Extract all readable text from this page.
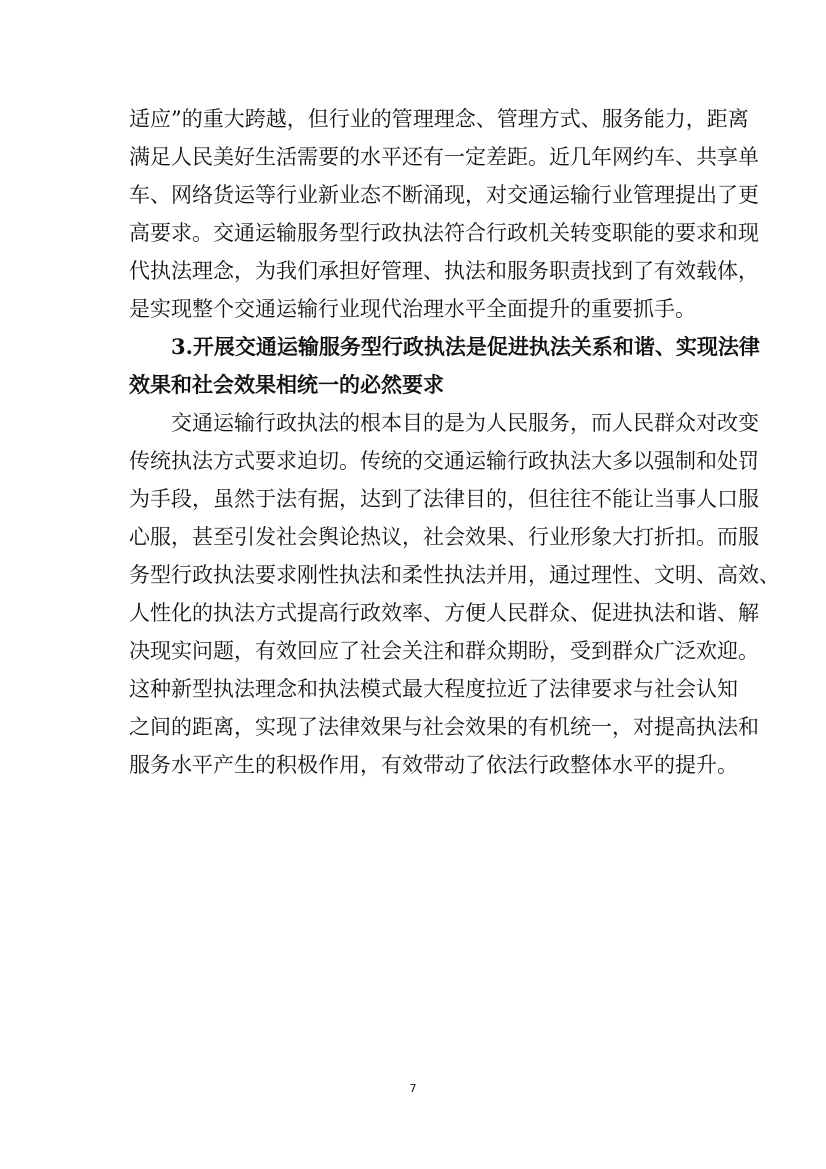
适应”的重大跨越，但行业的管理理念、管理方式、服务能力，距离
满足人民美好生活需要的水平还有一定差距。近几年网约车、共享单
车、网络货运等行业新业态不断涌现，对交通运输行业管理提出了更
高要求。交通运输服务型行政执法符合行政机关转变职能的要求和现
代执法理念，为我们承担好管理、执法和服务职责找到了有效载体，
是实现整个交通运输行业现代治理水平全面提升的重要抓手。
3.开展交通运输服务型行政执法是促进执法关系和谐、实现法律
效果和社会效果相统一的必然要求
交通运输行政执法的根本目的是为人民服务，而人民群众对改变
传统执法方式要求迫切。传统的交通运输行政执法大多以强制和处罚
为手段，虽然于法有据，达到了法律目的，但往往不能让当事人口服
心服，甚至引发社会舆论热议，社会效果、行业形象大打折扣。而服
务型行政执法要求刚性执法和柔性执法并用，通过理性、文明、高效、
人性化的执法方式提高行政效率、方便人民群众、促进执法和谐、解
决现实问题，有效回应了社会关注和群众期盼，受到群众广泛欢迎。
这种新型执法理念和执法模式最大程度拉近了法律要求与社会认知
之间的距离，实现了法律效果与社会效果的有机统一，对提高执法和
服务水平产生的积极作用，有效带动了依法行政整体水平的提升。
7
